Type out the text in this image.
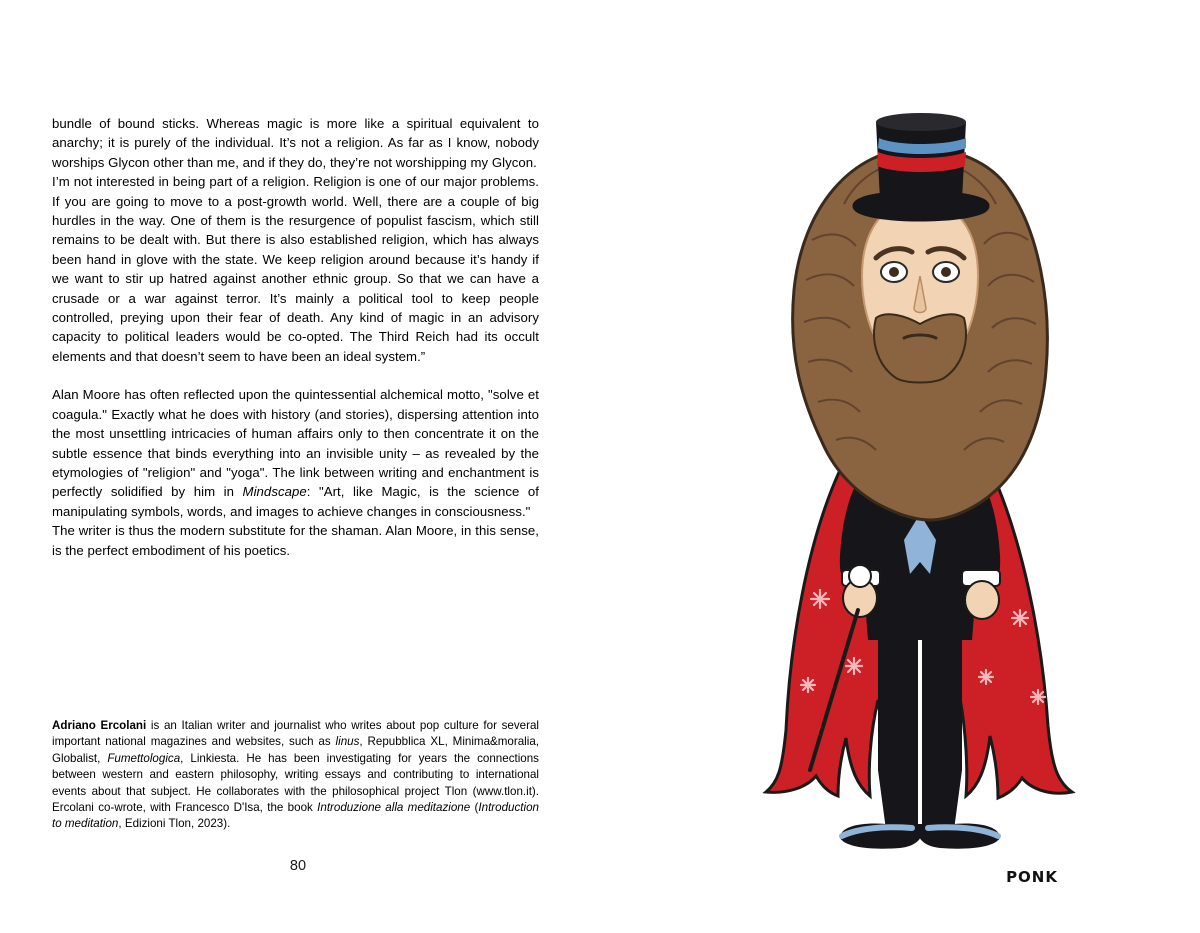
bundle of bound sticks. Whereas magic is more like a spiritual equivalent to anarchy; it is purely of the individual. It’s not a religion. As far as I know, nobody worships Glycon other than me, and if they do, they’re not worshipping my Glycon.

I’m not interested in being part of a religion. Religion is one of our major problems. If you are going to move to a post-growth world. Well, there are a couple of big hurdles in the way. One of them is the resurgence of populist fascism, which still remains to be dealt with. But there is also established religion, which has always been hand in glove with the state. We keep religion around because it’s handy if we want to stir up hatred against another ethnic group. So that we can have a crusade or a war against terror. It’s mainly a political tool to keep people controlled, preying upon their fear of death. Any kind of magic in an advisory capacity to political leaders would be co-opted. The Third Reich had its occult elements and that doesn’t seem to have been an ideal system.”

Alan Moore has often reflected upon the quintessential alchemical motto, "solve et coagula." Exactly what he does with history (and stories), dispersing attention into the most unsettling intricacies of human affairs only to then concentrate it on the subtle essence that binds everything into an invisible unity – as revealed by the etymologies of "religion" and "yoga". The link between writing and enchantment is perfectly solidified by him in Mindscape: "Art, like Magic, is the science of manipulating symbols, words, and images to achieve changes in consciousness."

The writer is thus the modern substitute for the shaman. Alan Moore, in this sense, is the perfect embodiment of his poetics.

Adriano Ercolani is an Italian writer and journalist who writes about pop culture for several important national magazines and websites, such as linus, Repubblica XL, Minima&moralia, Globalist, Fumettologica, Linkiesta. He has been investigating for years the connections between western and eastern philosophy, writing essays and contributing to international events about that subject. He collaborates with the philosophical project Tlon (www.tlon.it). Ercolani co-wrote, with Francesco D'Isa, the book Introduzione alla meditazione (Introduction to meditation, Edizioni Tlon, 2023).
80
PONK
